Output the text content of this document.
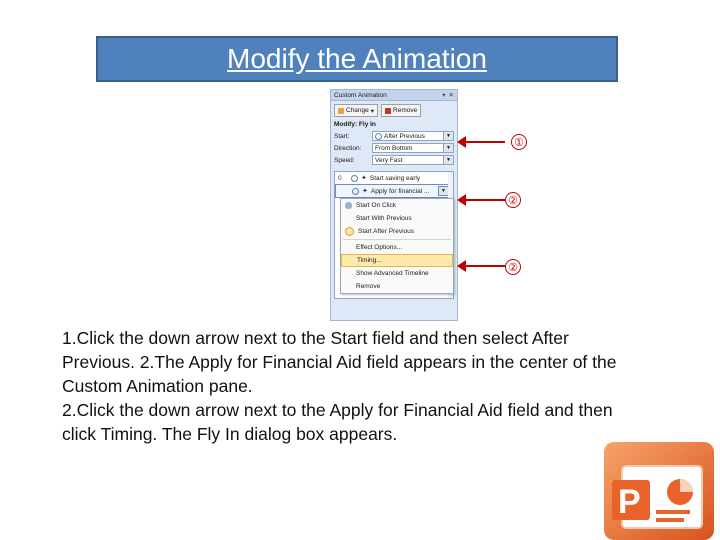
Modify the Animation
Custom Animation	▾ ✕
Change ▾	Remove
Modify: Fly In
Start:	After Previous	▼
Direction:	From Bottom	▼
Speed:	Very Fast	▼
0	✦ Start saving early
✦ Apply for financial ...	▼
Start On Click
Start With Previous
Start After Previous
Effect Options...
Timing...
Show Advanced Timeline
Remove
①
②
②

1.Click the down arrow next to the Start field and then select After Previous. 2.The Apply for Financial Aid field appears in the center of the Custom Animation pane.

2.Click the down arrow next to the Apply for Financial Aid field and then click Timing. The Fly In dialog box appears.

P
